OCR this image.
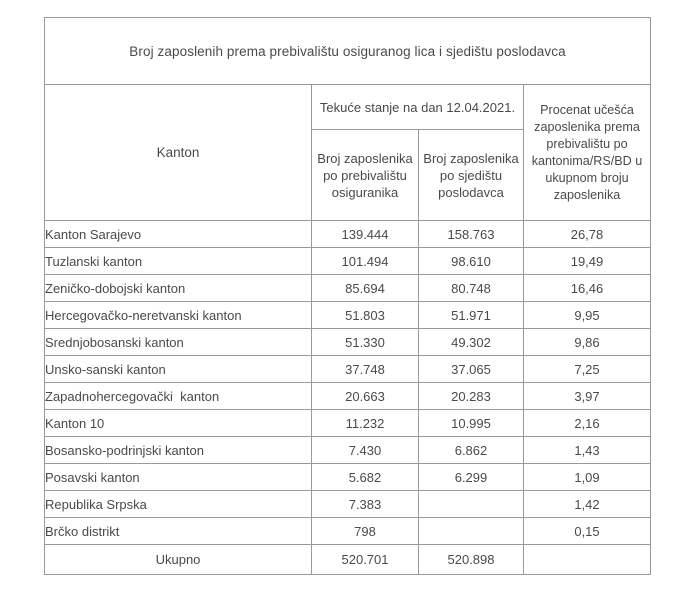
Broj zaposlenih prema prebivalištu osiguranog lica i sjedištu poslodavca			
Kanton	Tekuće stanje na dan 12.04.2021.		Procenat učešća zaposlenika prema prebivalištu po kantonima/RS/BD u ukupnom broju zaposlenika
	Broj zaposlenika po prebivalištu osiguranika	Broj zaposlenika po sjedištu poslodavca	
Kanton Sarajevo	139.444	158.763	26,78
Tuzlanski kanton	101.494	98.610	19,49
Zeničko-dobojski kanton	85.694	80.748	16,46
Hercegovačko-neretvanski kanton	51.803	51.971	9,95
Srednjobosanski kanton	51.330	49.302	9,86
Unsko-sanski kanton	37.748	37.065	7,25
Zapadnohercegovački  kanton	20.663	20.283	3,97
Kanton 10	11.232	10.995	2,16
Bosansko-podrinjski kanton	7.430	6.862	1,43
Posavski kanton	5.682	6.299	1,09
Republika Srpska	7.383		1,42
Brčko distrikt	798		0,15
Ukupno	520.701	520.898	
